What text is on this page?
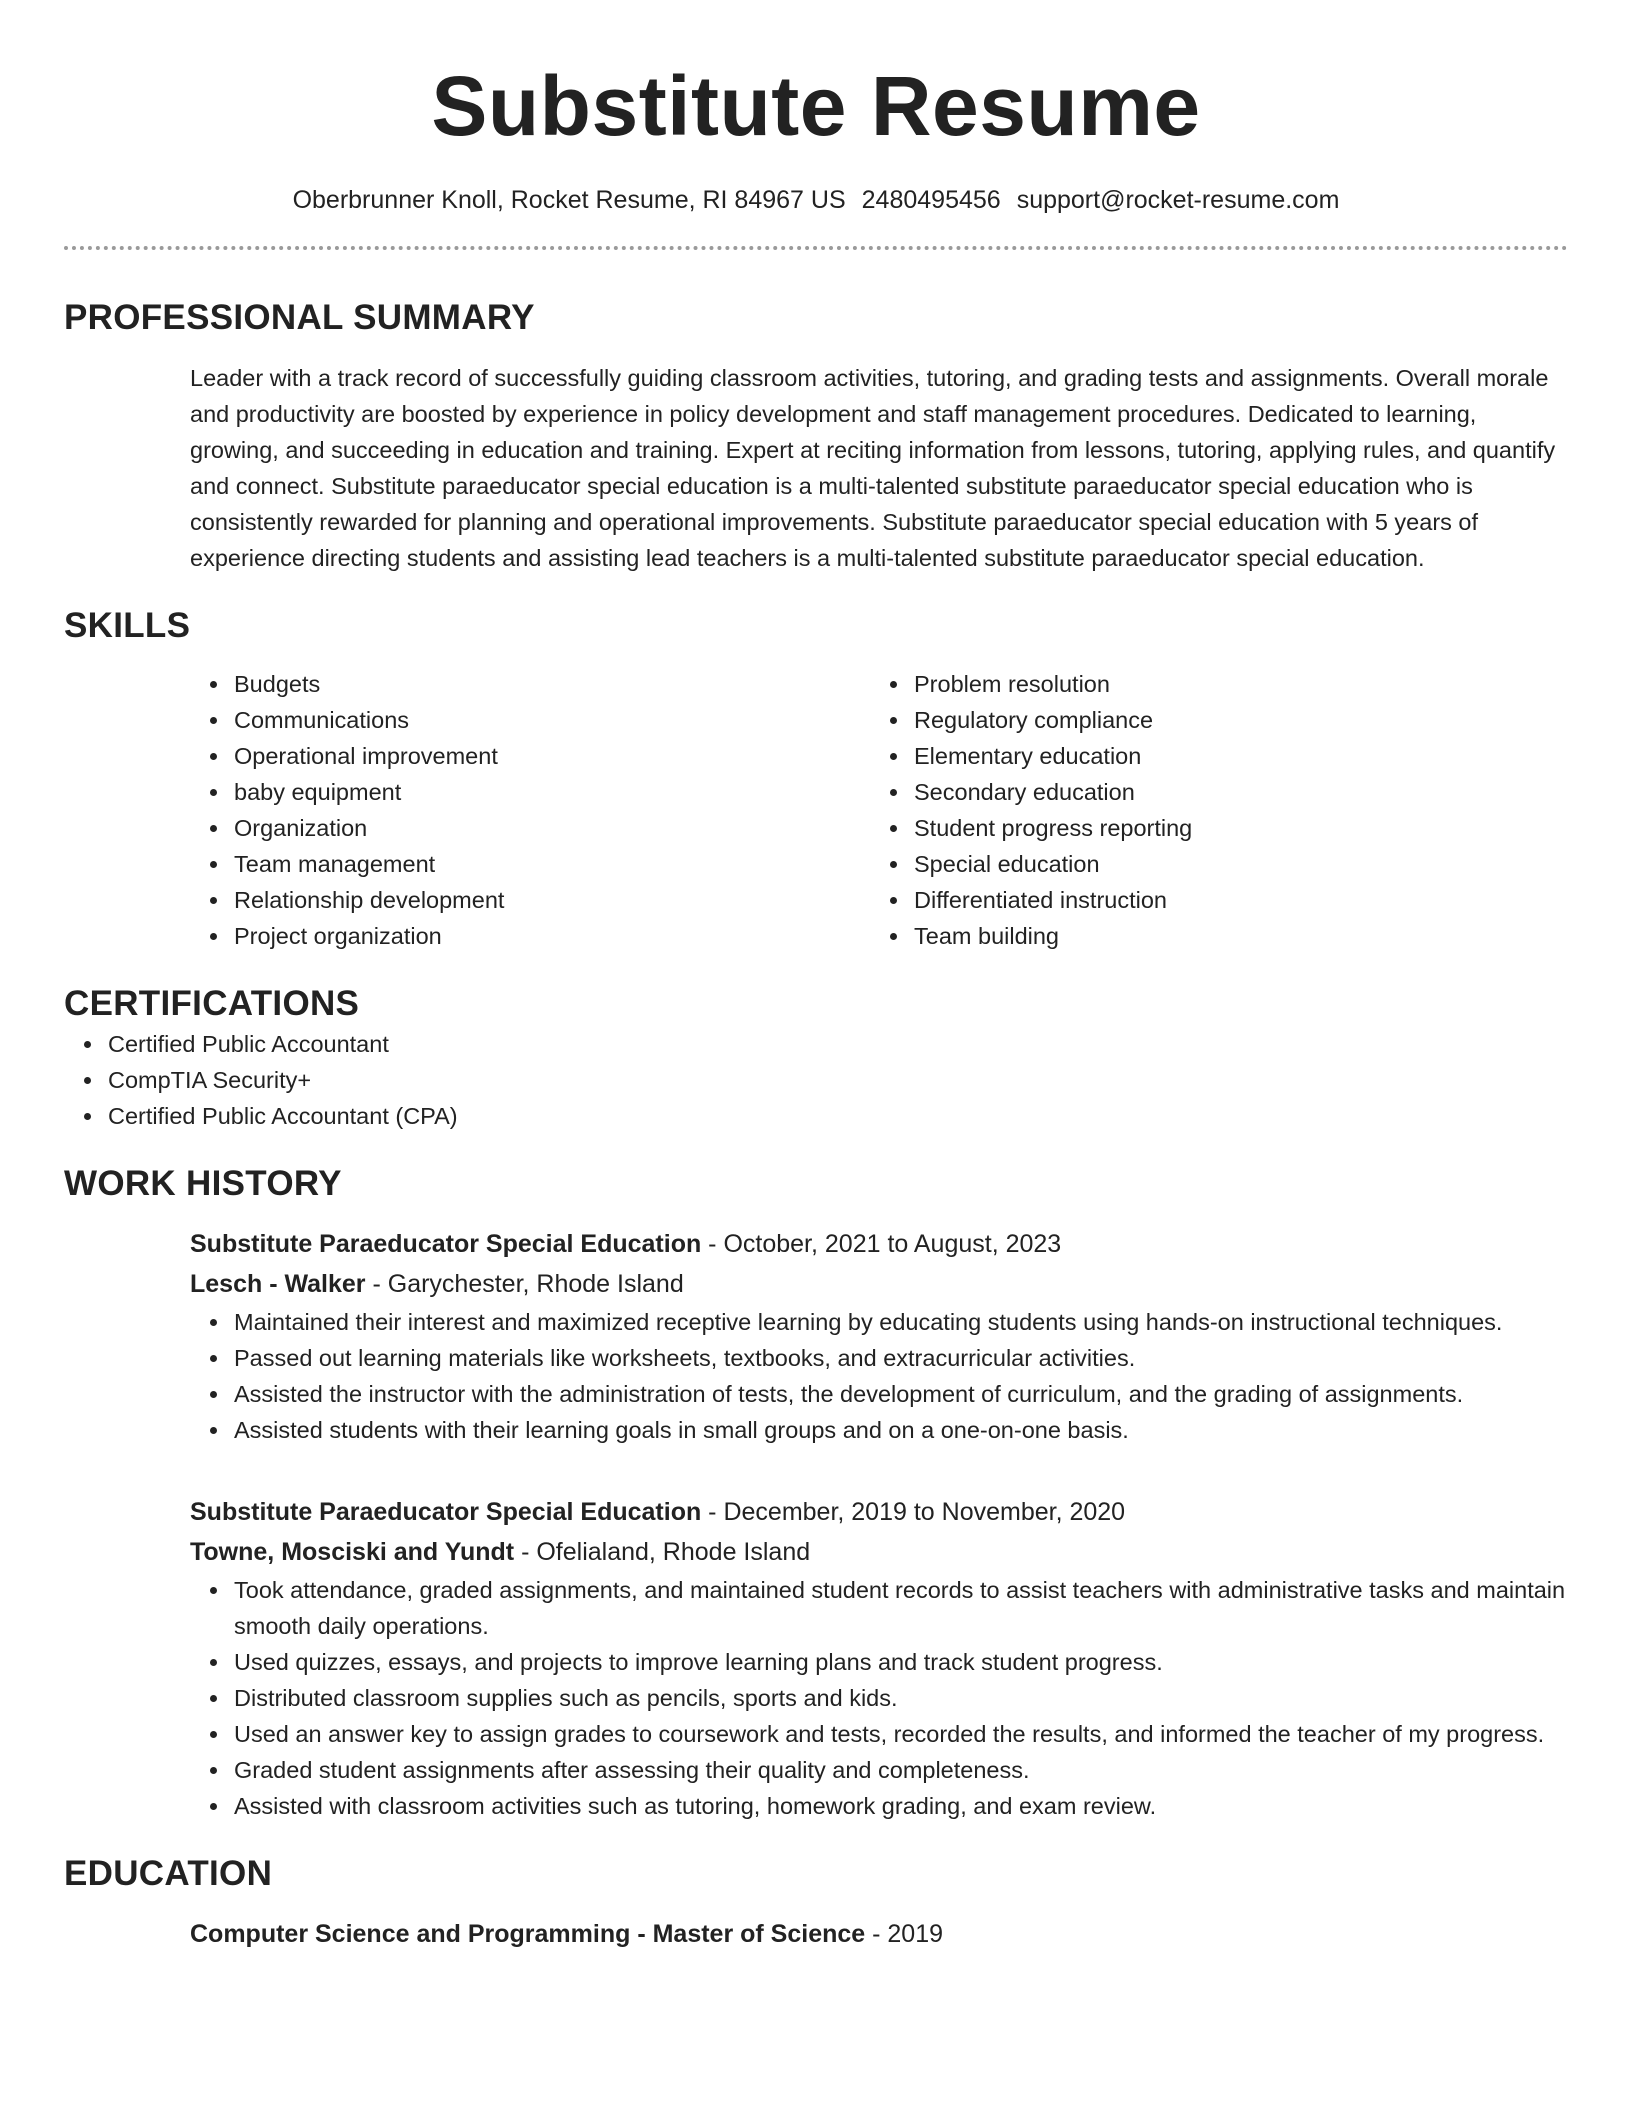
Substitute Resume
Oberbrunner Knoll, Rocket Resume, RI 84967 US 2480495456 support@rocket-resume.com
PROFESSIONAL SUMMARY

Leader with a track record of successfully guiding classroom activities, tutoring, and grading tests and assignments. Overall morale and productivity are boosted by experience in policy development and staff management procedures. Dedicated to learning, growing, and succeeding in education and training. Expert at reciting information from lessons, tutoring, applying rules, and quantify and connect. Substitute paraeducator special education is a multi-talented substitute paraeducator special education who is consistently rewarded for planning and operational improvements. Substitute paraeducator special education with 5 years of experience directing students and assisting lead teachers is a multi-talented substitute paraeducator special education.

SKILLS
Budgets
Communications
Operational improvement
baby equipment
Organization
Team management
Relationship development
Project organization
Problem resolution
Regulatory compliance
Elementary education
Secondary education
Student progress reporting
Special education
Differentiated instruction
Team building
CERTIFICATIONS
Certified Public Accountant
CompTIA Security+
Certified Public Accountant (CPA)
WORK HISTORY
Substitute Paraeducator Special Education - October, 2021 to August, 2023
Lesch - Walker - Garychester, Rhode Island
Maintained their interest and maximized receptive learning by educating students using hands-on instructional techniques.
Passed out learning materials like worksheets, textbooks, and extracurricular activities.
Assisted the instructor with the administration of tests, the development of curriculum, and the grading of assignments.
Assisted students with their learning goals in small groups and on a one-on-one basis.
Substitute Paraeducator Special Education - December, 2019 to November, 2020
Towne, Mosciski and Yundt - Ofelialand, Rhode Island
Took attendance, graded assignments, and maintained student records to assist teachers with administrative tasks and maintain smooth daily operations.
Used quizzes, essays, and projects to improve learning plans and track student progress.
Distributed classroom supplies such as pencils, sports and kids.
Used an answer key to assign grades to coursework and tests, recorded the results, and informed the teacher of my progress.
Graded student assignments after assessing their quality and completeness.
Assisted with classroom activities such as tutoring, homework grading, and exam review.
EDUCATION
Computer Science and Programming - Master of Science - 2019
